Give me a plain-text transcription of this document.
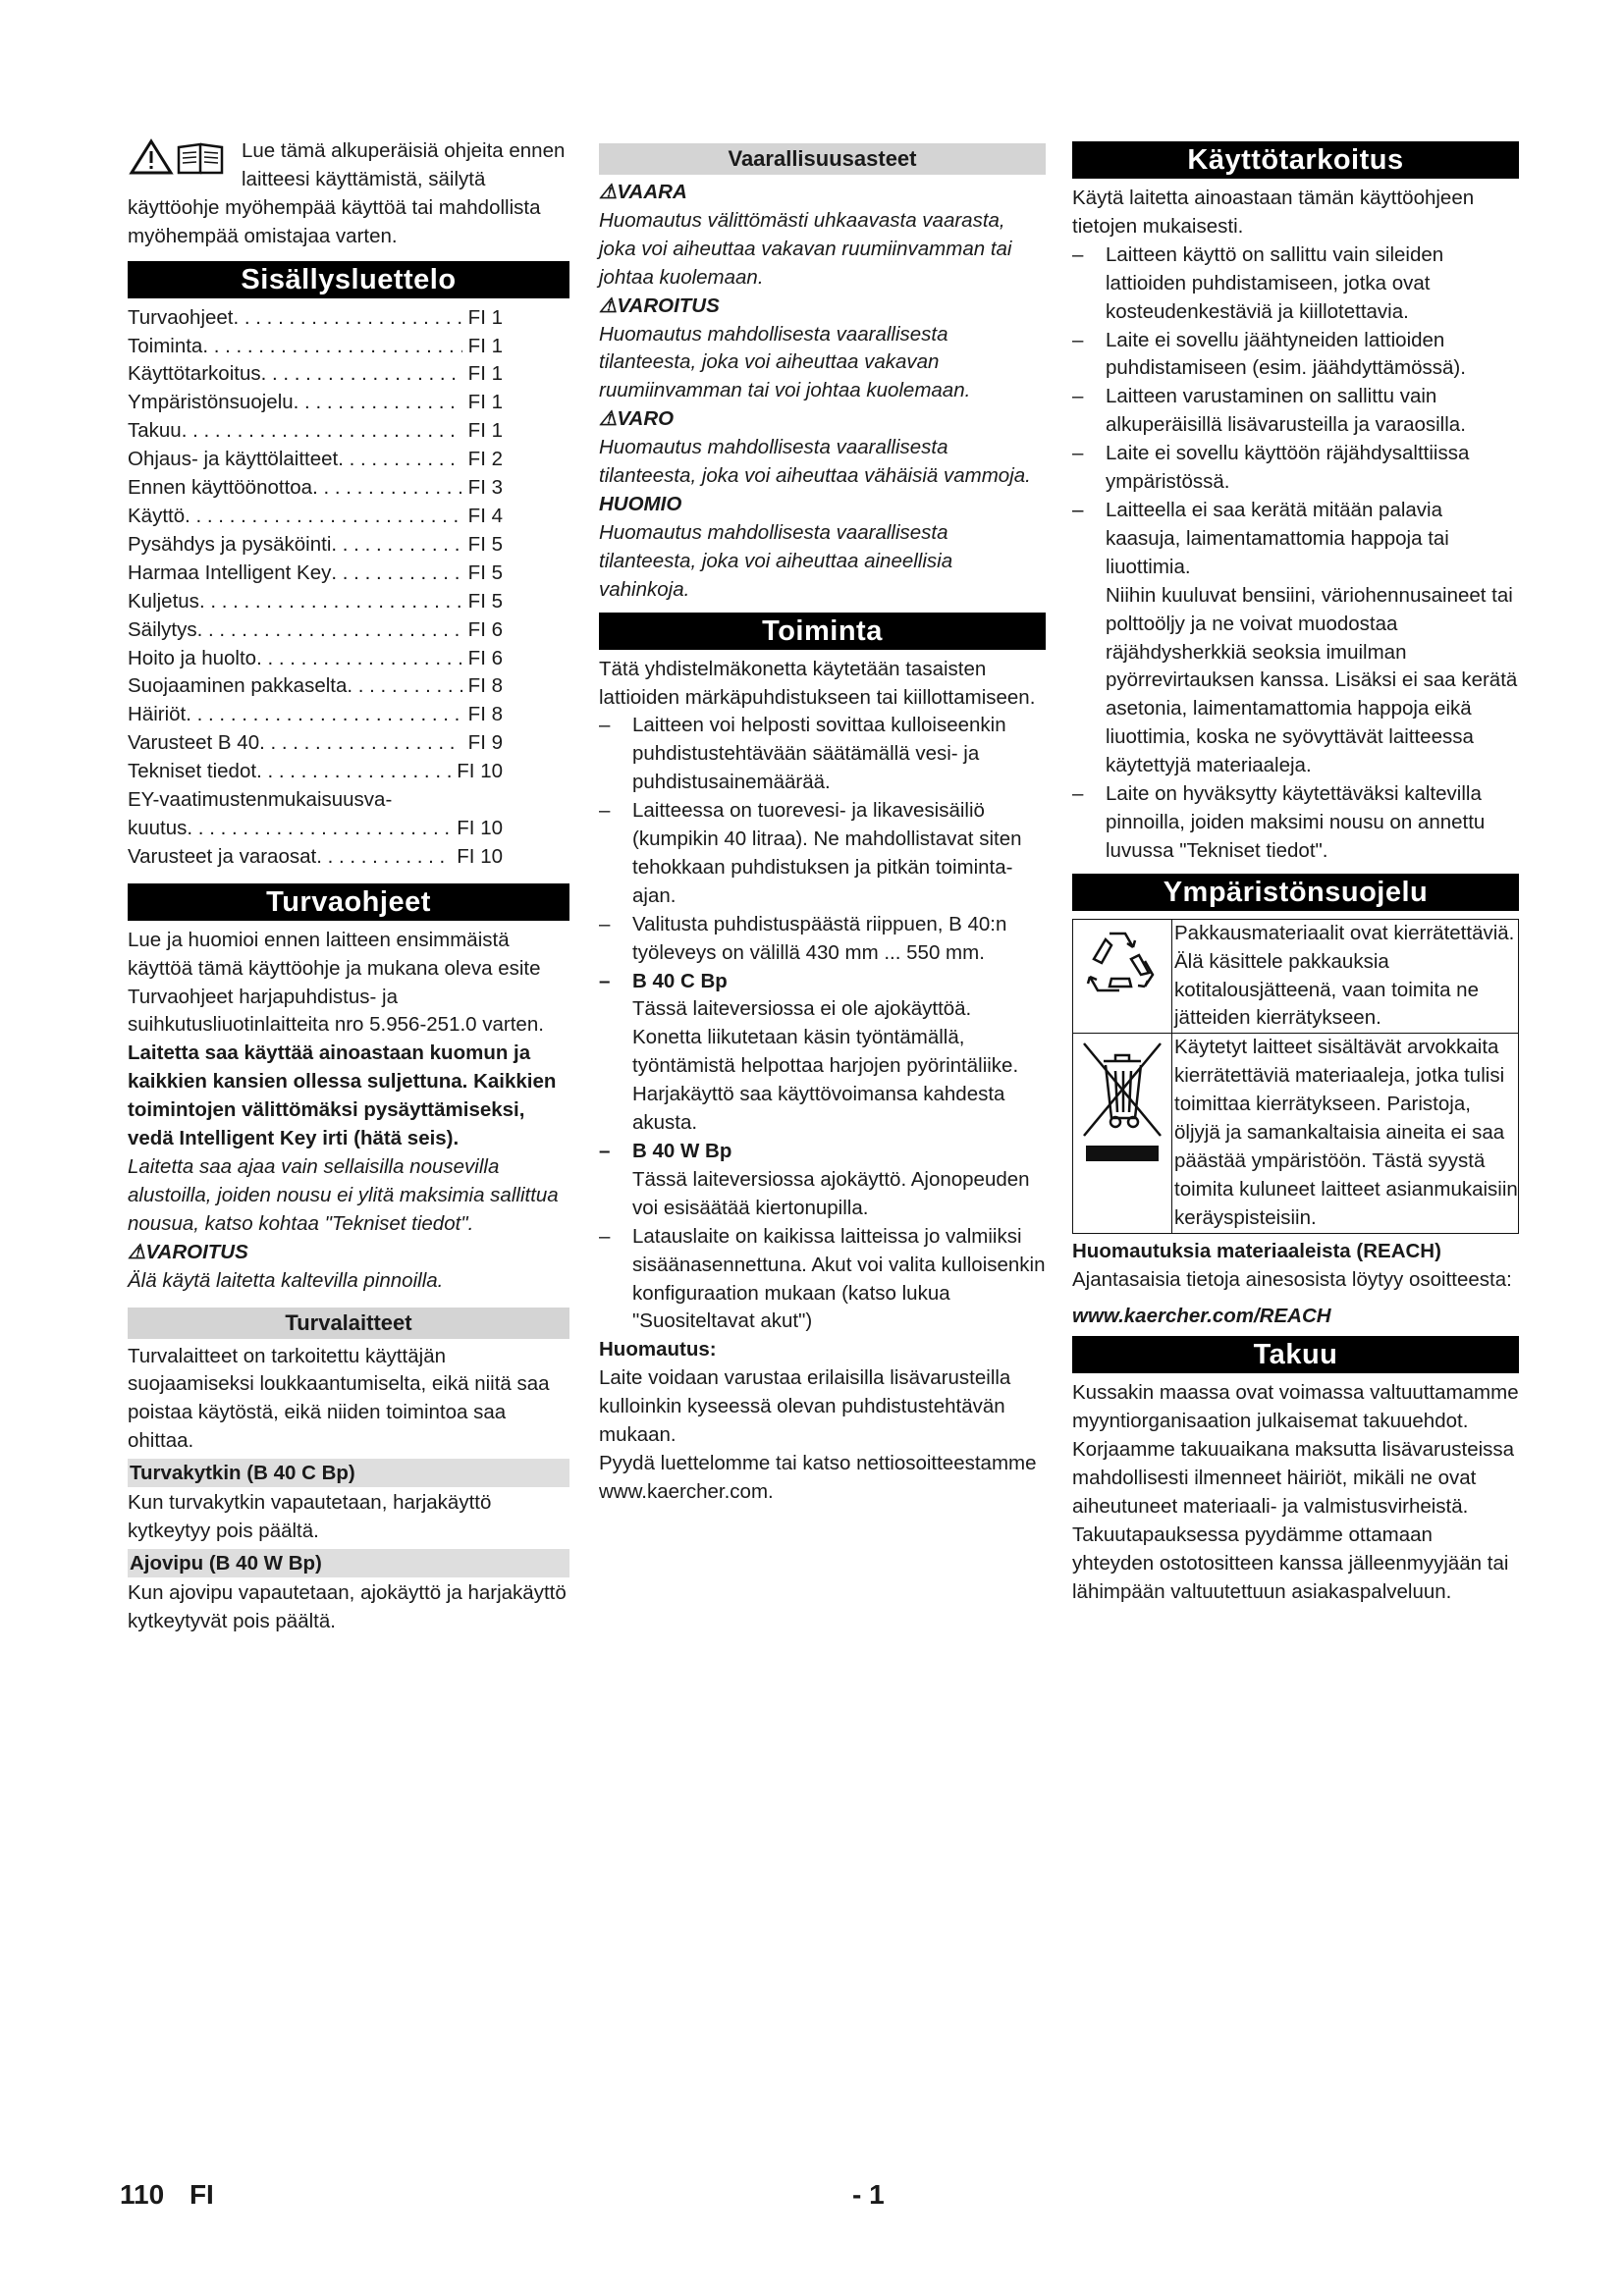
Lue tämä alkuperäisiä ohjeita ennen laitteesi käyttämistä, säilytä käyttöohje myöhempää käyttöä tai mahdollista myöhempää omistajaa varten.

Sisällysluettelo
Turvaohjeet . . .	FI 1
Toiminta . . .	FI 1
Käyttötarkoitus . . .	FI 1
Ympäristönsuojelu . . .	FI 1
Takuu . . .	FI 1
Ohjaus- ja käyttölaitteet . . .	FI 2
Ennen käyttöönottoa . . .	FI 3
Käyttö . . .	FI 4
Pysähdys ja pysäköinti . . .	FI 5
Harmaa Intelligent Key . . .	FI 5
Kuljetus . . .	FI 5
Säilytys . . .	FI 6
Hoito ja huolto . . .	FI 6
Suojaaminen pakkaselta . . .	FI 8
Häiriöt . . .	FI 8
Varusteet B 40 . . .	FI 9
Tekniset tiedot . . .	FI 10
EY-vaatimustenmukaisuusva-
kuutus . . .	FI 10
Varusteet ja varaosat . . .	FI 10
Turvaohjeet

Lue ja huomioi ennen laitteen ensimmäistä käyttöä tämä käyttöohje ja mukana oleva esite Turvaohjeet harjapuhdistus- ja suihkutusliuotinlaitteita nro 5.956-251.0 varten.

Laitetta saa käyttää ainoastaan kuomun ja kaikkien kansien ollessa suljettuna. Kaikkien toimintojen välittömäksi pysäyttämiseksi, vedä Intelligent Key irti (hätä seis).

Laitetta saa ajaa vain sellaisilla nousevilla alustoilla, joiden nousu ei ylitä maksimia sallittua nousua, katso kohtaa "Tekniset tiedot".

⚠VAROITUS

Älä käytä laitetta kaltevilla pinnoilla.

Turvalaitteet

Turvalaitteet on tarkoitettu käyttäjän suojaamiseksi loukkaantumiselta, eikä niitä saa poistaa käytöstä, eikä niiden toimintoa saa ohittaa.

Turvakytkin (B 40 C Bp)

Kun turvakytkin vapautetaan, harjakäyttö kytkeytyy pois päältä.

Ajovipu (B 40 W Bp)

Kun ajovipu vapautetaan, ajokäyttö ja harjakäyttö kytkeytyvät pois päältä.

Vaarallisuusasteet

⚠VAARA

Huomautus välittömästi uhkaavasta vaarasta, joka voi aiheuttaa vakavan ruumiinvamman tai johtaa kuolemaan.

⚠VAROITUS

Huomautus mahdollisesta vaarallisesta tilanteesta, joka voi aiheuttaa vakavan ruumiinvamman tai voi johtaa kuolemaan.

⚠VARO

Huomautus mahdollisesta vaarallisesta tilanteesta, joka voi aiheuttaa vähäisiä vammoja.

HUOMIO

Huomautus mahdollisesta vaarallisesta tilanteesta, joka voi aiheuttaa aineellisia vahinkoja.

Toiminta

Tätä yhdistelmäkonetta käytetään tasaisten lattioiden märkäpuhdistukseen tai kiillottamiseen.

– Laitteen voi helposti sovittaa kulloiseenkin puhdistustehtävään säätämällä vesi- ja puhdistusainemäärää.
– Laitteessa on tuorevesi- ja likavesisäiliö (kumpikin 40 litraa). Ne mahdollistavat siten tehokkaan puhdistuksen ja pitkän toiminta-ajan.
– Valitusta puhdistuspäästä riippuen, B 40:n työleveys on välillä 430 mm ... 550 mm.
– B 40 C Bp

Tässä laiteversiossa ei ole ajokäyttöä. Konetta liikutetaan käsin työntämällä, työntämistä helpottaa harjojen pyörintäliike. Harjakäyttö saa käyttövoimansa kahdesta akusta.

– B 40 W Bp

Tässä laiteversiossa ajokäyttö. Ajonopeuden voi esisäätää kiertonupilla.

– Latauslaite on kaikissa laitteissa jo valmiiksi sisäänasennettuna. Akut voi valita kulloisenkin konfiguraation mukaan (katso lukua "Suositeltavat akut")

Huomautus:

Laite voidaan varustaa erilaisilla lisävarusteilla kulloinkin kyseessä olevan puhdistustehtävän mukaan.

Pyydä luettelomme tai katso nettiosoitteestamme www.kaercher.com.

Käyttötarkoitus

Käytä laitetta ainoastaan tämän käyttöohjeen tietojen mukaisesti.

– Laitteen käyttö on sallittu vain sileiden lattioiden puhdistamiseen, jotka ovat kosteudenkestäviä ja kiillotettavia.
– Laite ei sovellu jäähtyneiden lattioiden puhdistamiseen (esim. jäähdyttämössä).
– Laitteen varustaminen on sallittu vain alkuperäisillä lisävarusteilla ja varaosilla.
– Laite ei sovellu käyttöön räjähdysalttiissa ympäristössä.
– Laitteella ei saa kerätä mitään palavia kaasuja, laimentamattomia happoja tai liuottimia.

Niihin kuuluvat bensiini, väriohennusaineet tai polttoöljy ja ne voivat muodostaa räjähdysherkkiä seoksia imuilman pyörrevirtauksen kanssa. Lisäksi ei saa kerätä asetonia, laimentamattomia happoja eikä liuottimia, koska ne syövyttävät laitteessa käytettyjä materiaaleja.

– Laite on hyväksytty käytettäväksi kaltevilla pinnoilla, joiden maksimi nousu on annettu luvussa "Tekniset tiedot".
Ympäristönsuojelu
Pakkausmateriaalit ovat kierrätettäviä. Älä käsittele pakkauksia kotitalousjätteenä, vaan toimita ne jätteiden kierrätykseen.
Käytetyt laitteet sisältävät arvokkaita kierrätettäviä materiaaleja, jotka tulisi toimittaa kierrätykseen. Paristoja, öljyjä ja samankaltaisia aineita ei saa päästää ympäristöön. Tästä syystä toimita kuluneet laitteet asianmukaisiin keräyspisteisiin.

Huomautuksia materiaaleista (REACH)

Ajantasaisia tietoja ainesosista löytyy osoitteesta:

www.kaercher.com/REACH

Takuu

Kussakin maassa ovat voimassa valtuuttamamme myyntiorganisaation julkaisemat takuuehdot. Korjaamme takuuaikana maksutta lisävarusteissa mahdollisesti ilmenneet häiriöt, mikäli ne ovat aiheutuneet materiaali- ja valmistusvirheistä. Takuutapauksessa pyydämme ottamaan yhteyden ostotositteen kanssa jälleenmyyjään tai lähimpään valtuutettuun asiakaspalveluun.

110 FI	- 1
